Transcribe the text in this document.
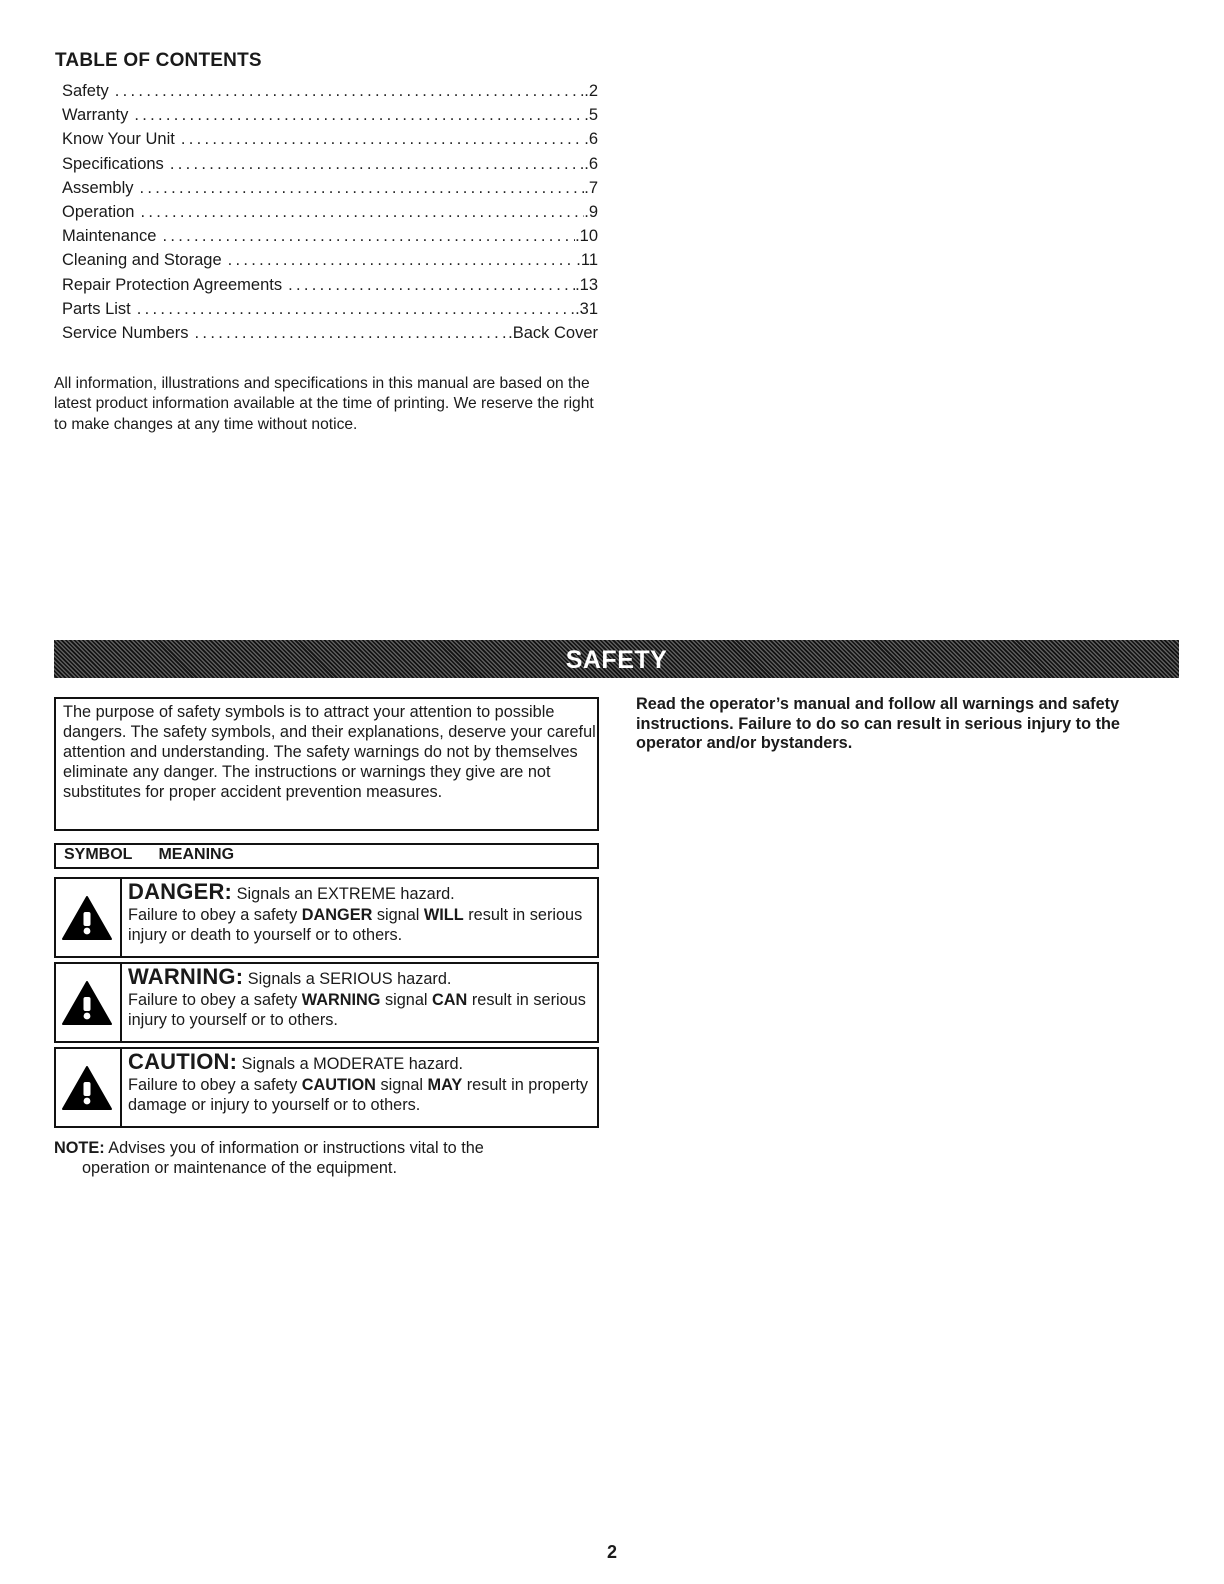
TABLE OF CONTENTS
Safety .....	.2
Warranty .....	.5
Know Your Unit .....	.6
Specifications .....	.6
Assembly .....	.7
Operation .....	.9
Maintenance .....	.10
Cleaning and Storage .....	.11
Repair Protection Agreements .....	.13
Parts List .....	.31
Service Numbers .....	.Back Cover
All information, illustrations and specifications in this manual are based on the latest product information available at the time of printing. We reserve the right to make changes at any time without notice.
SAFETY
The purpose of safety symbols is to attract your attention to possible dangers. The safety symbols, and their explanations, deserve your careful attention and understanding. The safety warnings do not by themselves eliminate any danger. The instructions or warnings they give are not substitutes for proper accident prevention measures.
SYMBOL MEANING
DANGER: Signals an EXTREME hazard.
Failure to obey a safety DANGER signal WILL result in serious injury or death to yourself or to others.
WARNING: Signals a SERIOUS hazard.
Failure to obey a safety WARNING signal CAN result in serious injury to yourself or to others.
CAUTION: Signals a MODERATE hazard.
Failure to obey a safety CAUTION signal MAY result in property damage or injury to yourself or to others.
NOTE: Advises you of information or instructions vital to the
operation or maintenance of the equipment.
Read the operator’s manual and follow all warnings and safety instructions. Failure to do so can result in serious injury to the operator and/or bystanders.
2
